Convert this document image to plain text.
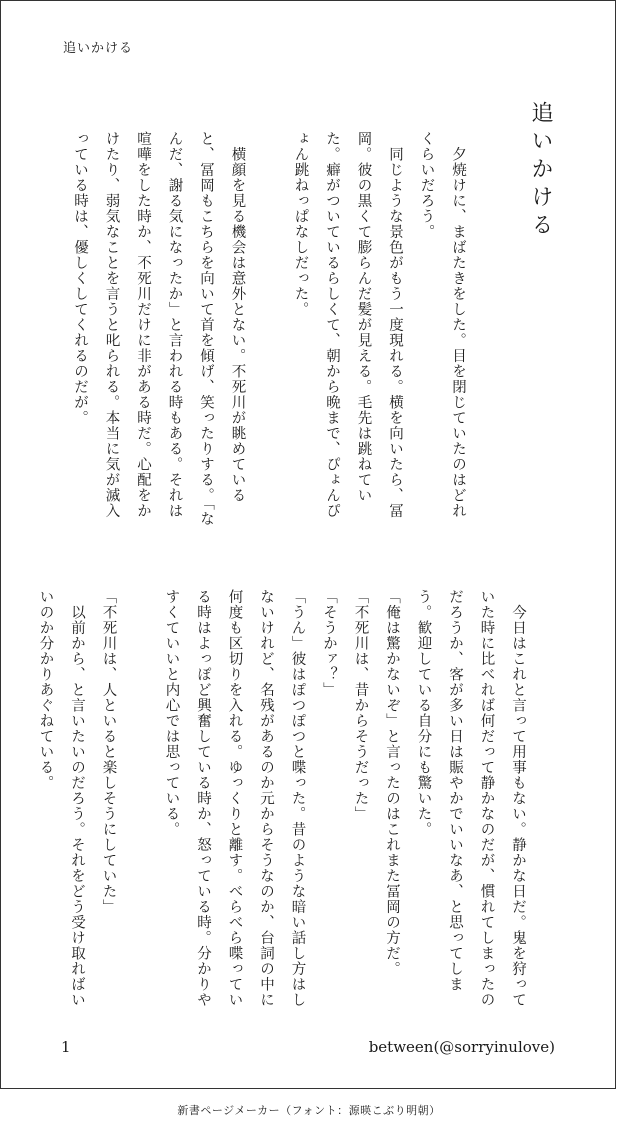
追いかける
追いかける

　夕焼けに、まばたきをした。目を閉じていたのはどれくらいだろう。

　同じような景色がもう一度現れる。横を向いたら、冨岡。彼の黒くて膨らんだ髪が見える。毛先は跳ねていた。癖がついているらしくて、朝から晩まで、ぴょんぴょん跳ねっぱなしだった。

　横顔を見る機会は意外とない。不死川が眺めていると、冨岡もこちらを向いて首を傾げ、笑ったりする。「なんだ、謝る気になったか」と言われる時もある。それは喧嘩をした時か、不死川だけに非がある時だ。心配をかけたり、弱気なことを言うと叱られる。本当に気が滅入っている時は、優しくしてくれるのだが。

　今日はこれと言って用事もない。静かな日だ。鬼を狩っていた時に比べれば何だって静かなのだが、慣れてしまったのだろうか、客が多い日は賑やかでいいなあ、と思ってしまう。歓迎している自分にも驚いた。

「俺は驚かないぞ」と言ったのはこれまた冨岡の方だ。

「不死川は、昔からそうだった」

「そうかァ？」

「うん」彼はぽつぽつと喋った。昔のような暗い話し方はしないけれど、名残があるのか元からそうなのか、台詞の中に何度も区切りを入れる。ゆっくりと離す。べらべら喋っている時はよっぽど興奮している時か、怒っている時。分かりやすくていいと内心では思っている。

「不死川は、人といると楽しそうにしていた」

　以前から、と言いたいのだろう。それをどう受け取ればいいのか分かりあぐねている。

1	between(@sorryinulove)
新書ページメーカー（フォント：源暎こぶり明朝）
